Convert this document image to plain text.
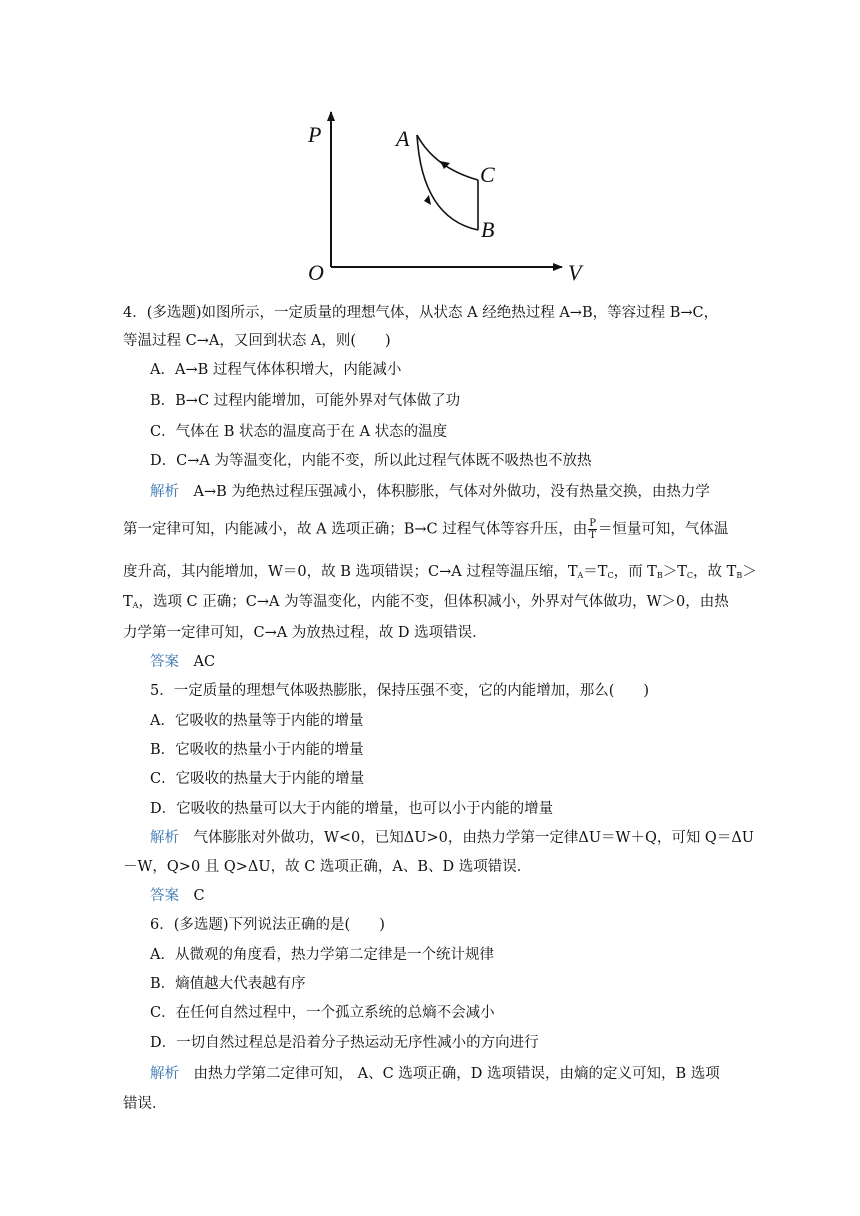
P
V
O
A
C
B
4．(多选题)如图所示，一定质量的理想气体，从状态 A 经绝热过程 A→B，等容过程 B→C，
等温过程 C→A，又回到状态 A，则(　　)
A．A→B 过程气体体积增大，内能减小
B．B→C 过程内能增加，可能外界对气体做了功
C．气体在 B 状态的温度高于在 A 状态的温度
D．C→A 为等温变化，内能不变，所以此过程气体既不吸热也不放热
解析　A→B 为绝热过程压强减小，体积膨胀，气体对外做功，没有热量交换，由热力学
第一定律可知，内能减小，故 A 选项正确；B→C 过程气体等容升压，由 $\frac{P}{T}$ ＝恒量可知，气体温
度升高，其内能增加，W＝0，故 B 选项错误；C→A 过程等温压缩，$T_A=T_C$，而 $T_B>T_C$，故 $T_B>$
$T_A$，选项 C 正确；C→A 为等温变化，内能不变，但体积减小，外界对气体做功，W＞0，由热
力学第一定律可知，C→A 为放热过程，故 D 选项错误．
答案　AC
5．一定质量的理想气体吸热膨胀，保持压强不变，它的内能增加，那么(　　)
A．它吸收的热量等于内能的增量
B．它吸收的热量小于内能的增量
C．它吸收的热量大于内能的增量
D．它吸收的热量可以大于内能的增量，也可以小于内能的增量
解析　气体膨胀对外做功，W<0，已知ΔU>0，由热力学第一定律ΔU＝W＋Q，可知 Q＝ΔU
－W，Q>0 且 Q>ΔU，故 C 选项正确，A、B、D 选项错误．
答案　C
6．(多选题)下列说法正确的是(　　)
A．从微观的角度看，热力学第二定律是一个统计规律
B．熵值越大代表越有序
C．在任何自然过程中，一个孤立系统的总熵不会减小
D．一切自然过程总是沿着分子热运动无序性减小的方向进行
解析　由热力学第二定律可知， A、C 选项正确，D 选项错误，由熵的定义可知，B 选项
错误．
